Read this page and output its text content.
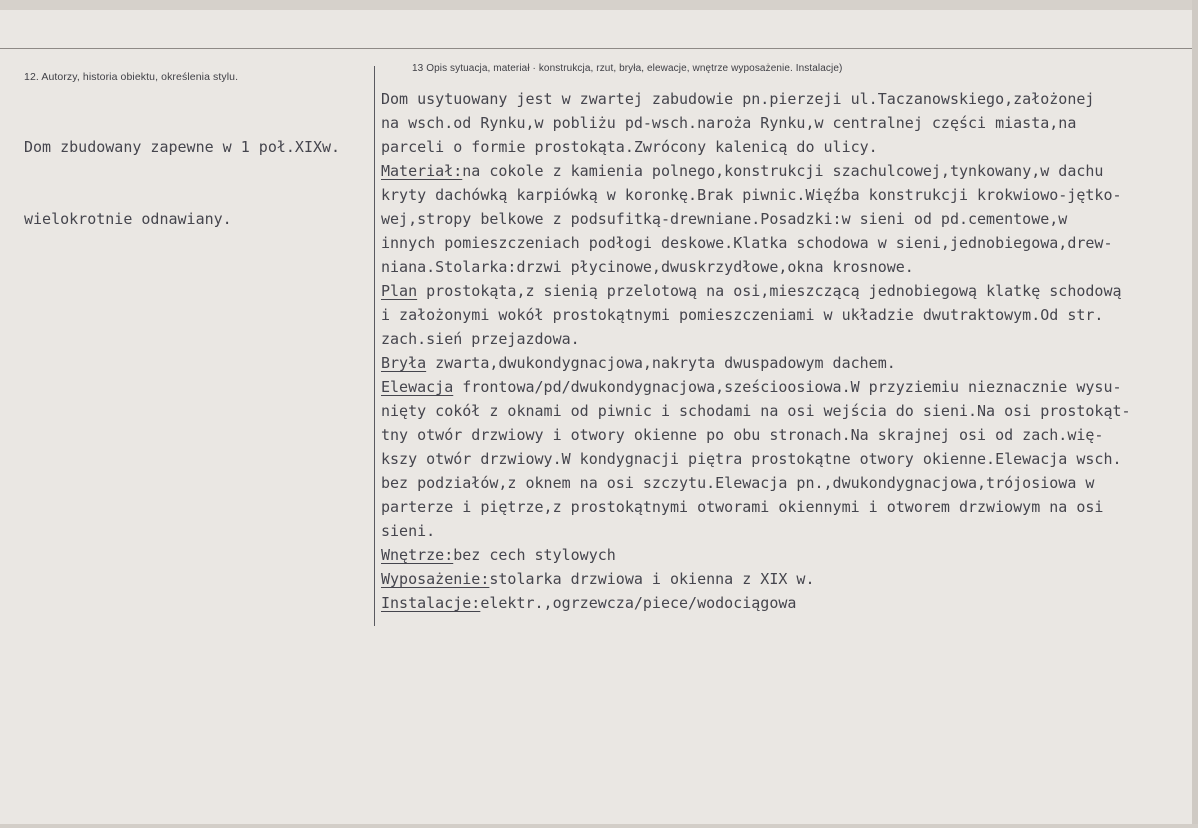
12. Autorzy, historia obiektu, określenia stylu.
13 Opis sytuacja, materiał · konstrukcja, rzut, bryła, elewacje, wnętrze wyposażenie. Instalacje)

Dom zbudowany zapewne w 1 poł.XIXw.

wielokrotnie odnawiany.

Dom usytuowany jest w zwartej zabudowie pn.pierzeji ul.Taczanowskiego,założonej
na wsch.od Rynku,w pobliżu pd-wsch.naroża Rynku,w centralnej części miasta,na
parceli o formie prostokąta.Zwrócony kalenicą do ulicy.
Materiał:na cokole z kamienia polnego,konstrukcji szachulcowej,tynkowany,w dachu
kryty dachówką karpiówką w koronkę.Brak piwnic.Więźba konstrukcji krokwiowo-jętko-
wej,stropy belkowe z podsufitką-drewniane.Posadzki:w sieni od pd.cementowe,w
innych pomieszczeniach podłogi deskowe.Klatka schodowa w sieni,jednobiegowa,drew-
niana.Stolarka:drzwi płycinowe,dwuskrzydłowe,okna krosnowe.
Plan prostokąta,z sienią przelotową na osi,mieszczącą jednobiegową klatkę schodową
i założonymi wokół prostokątnymi pomieszczeniami w układzie dwutraktowym.Od str.
zach.sień przejazdowa.
Bryła zwarta,dwukondygnacjowa,nakryta dwuspadowym dachem.
Elewacja frontowa/pd/dwukondygnacjowa,sześcioosiowa.W przyziemiu nieznacznie wysu-
nięty cokół z oknami od piwnic i schodami na osi wejścia do sieni.Na osi prostokąt-
tny otwór drzwiowy i otwory okienne po obu stronach.Na skrajnej osi od zach.wię-
kszy otwór drzwiowy.W kondygnacji piętra prostokątne otwory okienne.Elewacja wsch.
bez podziałów,z oknem na osi szczytu.Elewacja pn.,dwukondygnacjowa,trójosiowa w
parterze i piętrze,z prostokątnymi otworami okiennymi i otworem drzwiowym na osi
sieni.
Wnętrze:bez cech stylowych
Wyposażenie:stolarka drzwiowa i okienna z XIX w.
Instalacje:elektr.,ogrzewcza/piece/wodociągowa
